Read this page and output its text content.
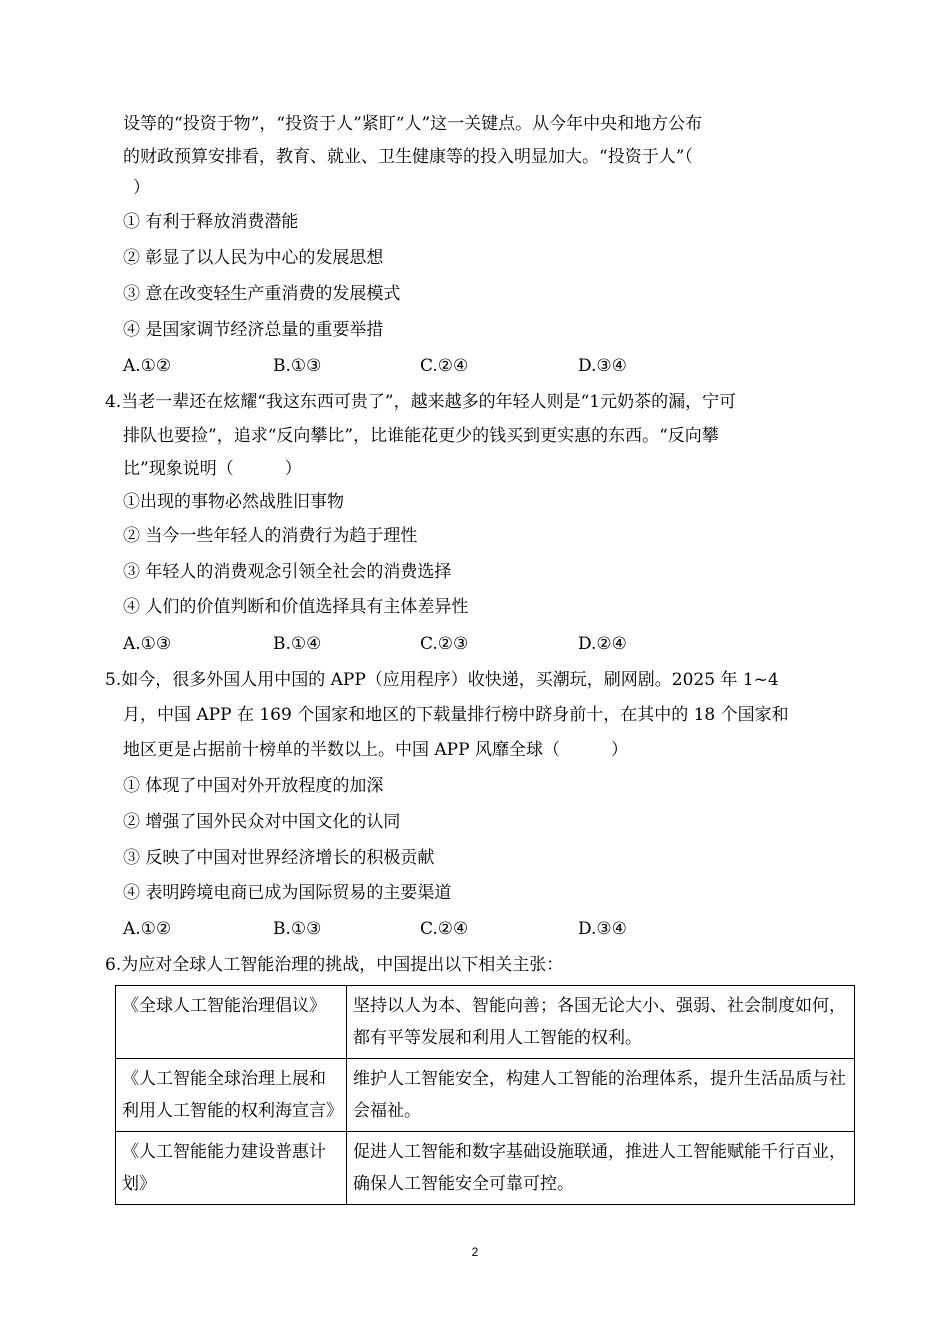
设等的“投资于物”，“投资于人”紧盯“人”这一关键点。从今年中央和地方公布
的财政预算安排看，教育、就业、卫生健康等的投入明显加大。“投资于人”（
）
① 有利于释放消费潜能
② 彰显了以人民为中心的发展思想
③ 意在改变轻生产重消费的发展模式
④ 是国家调节经济总量的重要举措
A.①②	B.①③	C.②④	D.③④
4.当老一辈还在炫耀“我这东西可贵了”，越来越多的年轻人则是“1元奶茶的漏，宁可
排队也要捡”，追求“反向攀比”，比谁能花更少的钱买到更实惠的东西。“反向攀
比”现象说明（　　　）
①出现的事物必然战胜旧事物
② 当今一些年轻人的消费行为趋于理性
③ 年轻人的消费观念引领全社会的消费选择
④ 人们的价值判断和价值选择具有主体差异性
A.①③	B.①④	C.②③	D.②④
5.如今，很多外国人用中国的 APP（应用程序）收快递，买潮玩，刷网剧。2025 年 1~4
月，中国 APP 在 169 个国家和地区的下载量排行榜中跻身前十，在其中的 18 个国家和
地区更是占据前十榜单的半数以上。中国 APP 风靡全球（　　　）
① 体现了中国对外开放程度的加深
② 增强了国外民众对中国文化的认同
③ 反映了中国对世界经济增长的积极贡献
④ 表明跨境电商已成为国际贸易的主要渠道
A.①②	B.①③	C.②④	D.③④
6.为应对全球人工智能治理的挑战，中国提出以下相关主张：
《全球人工智能治理倡议》	坚持以人为本、智能向善；各国无论大小、强弱、社会制度如何，都有平等发展和利用人工智能的权利。
《人工智能全球治理上展和利用人工智能的权利海宣言》	维护人工智能安全，构建人工智能的治理体系，提升生活品质与社会福祉。
《人工智能能力建设普惠计划》	促进人工智能和数字基础设施联通，推进人工智能赋能千行百业，确保人工智能安全可靠可控。
2
